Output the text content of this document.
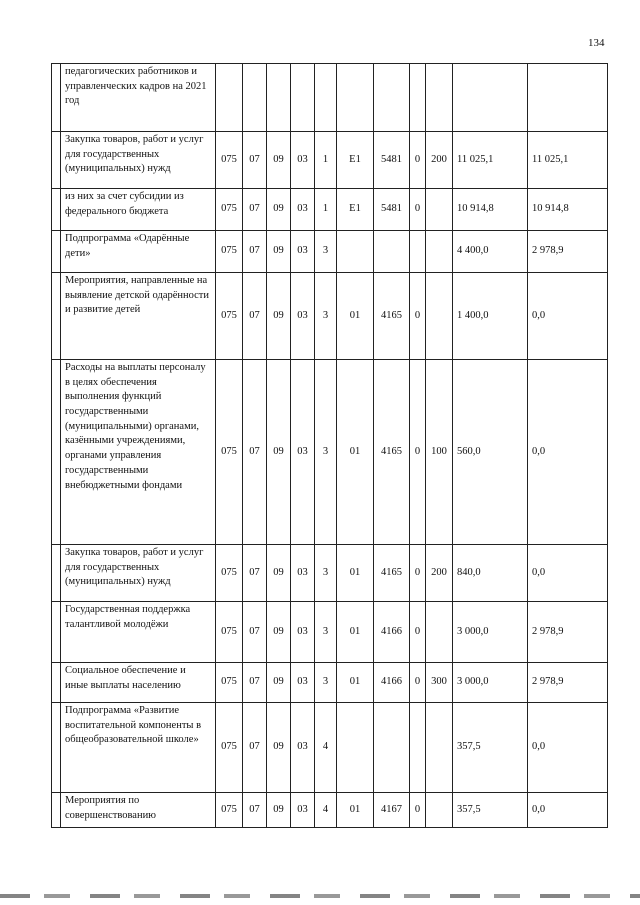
134
	педагогических работников и управленческих кадров на 2021 год											
	Закупка товаров, работ и услуг для государственных (муниципальных) нужд	075	07	09	03	1	E1	5481	0	200	11 025,1	11 025,1
	из них за счет субсидии из федерального бюджета	075	07	09	03	1	E1	5481	0		10 914,8	10 914,8
	Подпрограмма «Одарённые дети»	075	07	09	03	3					4 400,0	2 978,9
	Мероприятия, направленные на выявление детской одарённости и развитие детей	075	07	09	03	3	01	4165	0		1 400,0	0,0
	Расходы на выплаты персоналу в целях обеспечения выполнения функций государственными (муниципальными) органами, казёнными учреждениями, органами управления государственными внебюджетными фондами	075	07	09	03	3	01	4165	0	100	560,0	0,0
	Закупка товаров, работ и услуг для государственных (муниципальных) нужд	075	07	09	03	3	01	4165	0	200	840,0	0,0
	Государственная поддержка талантливой молодёжи	075	07	09	03	3	01	4166	0		3 000,0	2 978,9
	Социальное обеспечение и иные выплаты населению	075	07	09	03	3	01	4166	0	300	3 000,0	2 978,9
	Подпрограмма «Развитие воспитательной компоненты в общеобразовательной школе»	075	07	09	03	4					357,5	0,0
	Мероприятия по совершенствованию	075	07	09	03	4	01	4167	0		357,5	0,0
